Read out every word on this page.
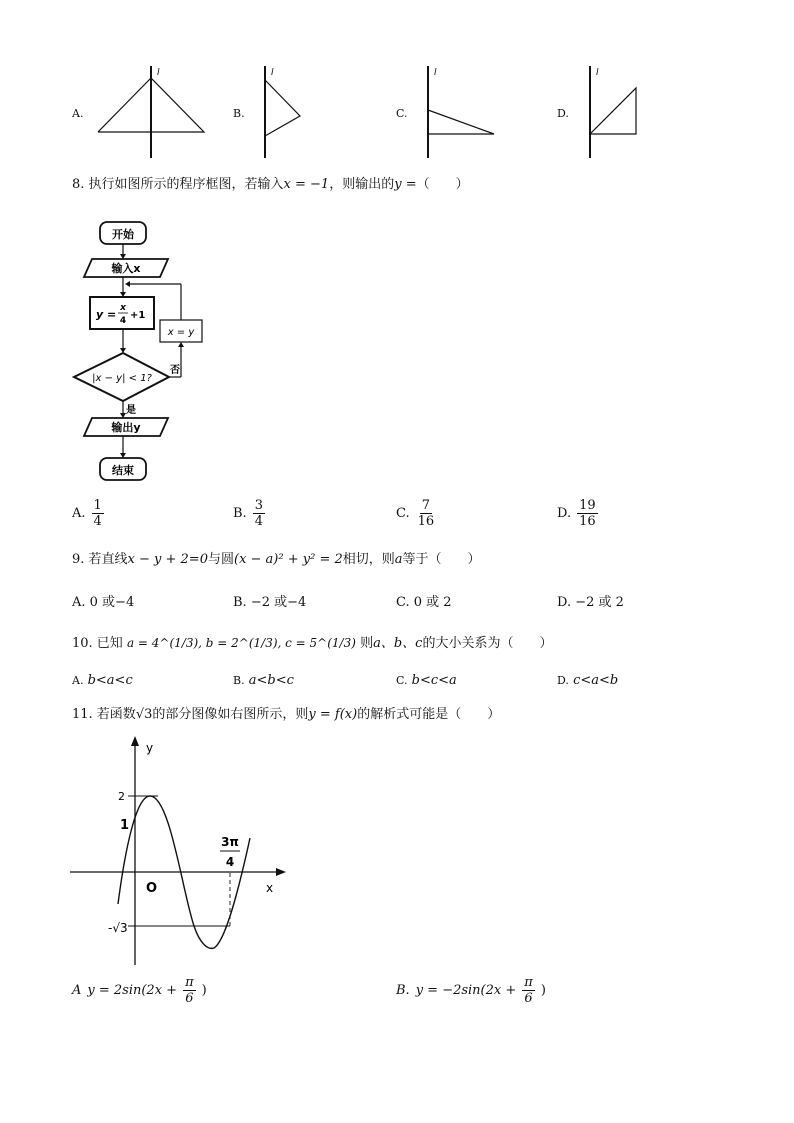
A.
l
B.
l
C.
l
D.
l
8. 执行如图所示的程序框图，若输入x = −1，则输出的y =（　　）
开始
输入x
y = x
4 +1
|x − y| < 1?
否
x = y
是
输出y
结束
A. $\frac{1}{4}$	B. $\frac{3}{4}$	C. $\frac{7}{16}$	D. $\frac{19}{16}$
9. 若直线x − y + 2=0与圆(x − a)² + y² = 2相切，则a等于（　　）
A. 0 或−4	B. −2 或−4	C. 0 或 2	D. −2 或 2
10. 已知 a = 4^(1/3), b = 2^(1/3), c = 5^(1/3) 则a、b、c的大小关系为（　　）
A. b<a<c	B. a<b<c	C. b<c<a	D. c<a<b
11. 若函数√3的部分图像如右图所示，则y = f(x)的解析式可能是（　　）
y
x
O
2
1
-√3
3π
4
A $y = 2\sin(2x + \frac{\pi}{6}$ )	B. $y = -2\sin(2x + \frac{\pi}{6}$ )
